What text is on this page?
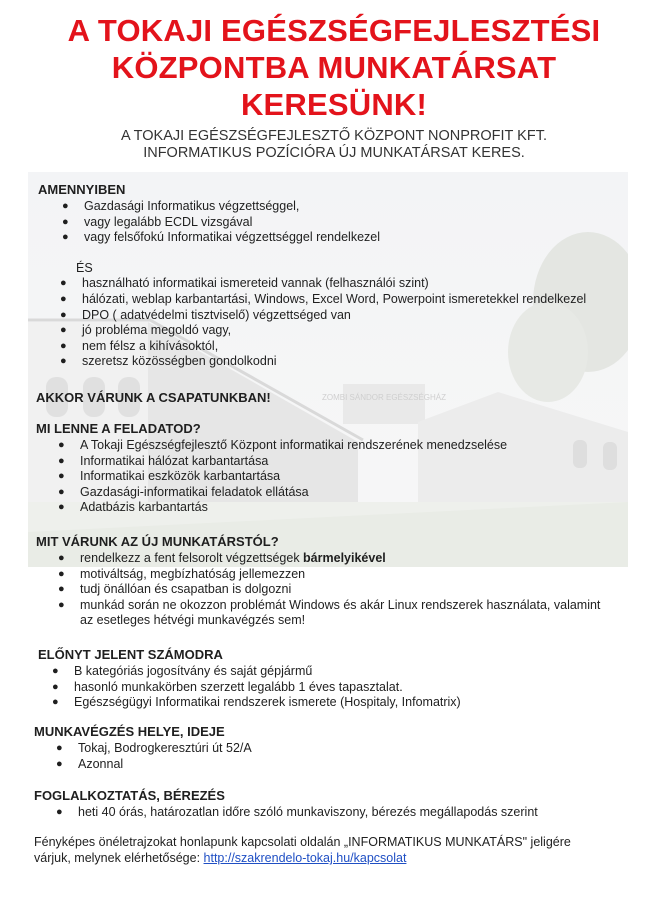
A TOKAJI EGÉSZSÉGFEJLESZTÉSI
KÖZPONTBA MUNKATÁRSAT
KERESÜNK!
A TOKAJI EGÉSZSÉGFEJLESZTŐ KÖZPONT NONPROFIT KFT.
INFORMATIKUS POZÍCIÓRA ÚJ MUNKATÁRSAT KERES.
ZOMBI SÁNDOR EGÉSZSÉGHÁZ
AMENNYIBEN
● Gazdasági Informatikus végzettséggel,
● vagy legalább ECDL vizsgával
● vagy felsőfokú Informatikai végzettséggel rendelkezel
ÉS
● használható informatikai ismereteid vannak (felhasználói szint)
● hálózati, weblap karbantartási, Windows, Excel Word, Powerpoint ismeretekkel rendelkezel
● DPO ( adatvédelmi tisztviselő) végzettséged van
● jó probléma megoldó vagy,
● nem félsz a kihívásoktól,
● szeretsz közösségben gondolkodni
AKKOR VÁRUNK A CSAPATUNKBAN!
MI LENNE A FELADATOD?
● A Tokaji Egészségfejlesztő Központ informatikai rendszerének menedzselése
● Informatikai hálózat karbantartása
● Informatikai eszközök karbantartása
● Gazdasági-informatikai feladatok ellátása
● Adatbázis karbantartás
MIT VÁRUNK AZ ÚJ MUNKATÁRSTÓL?
● rendelkezz a fent felsorolt végzettségek bármelyikével
● motiváltság, megbízhatóság jellemezzen
● tudj önállóan és csapatban is dolgozni
● munkád során ne okozzon problémát Windows és akár Linux rendszerek használata, valamint
az esetleges hétvégi munkavégzés sem!
ELŐNYT JELENT SZÁMODRA
● B kategóriás jogosítvány és saját gépjármű
● hasonló munkakörben szerzett legalább 1 éves tapasztalat.
● Egészségügyi Informatikai rendszerek ismerete (Hospitaly, Infomatrix)
MUNKAVÉGZÉS HELYE, IDEJE
● Tokaj, Bodrogkeresztúri út 52/A
● Azonnal
FOGLALKOZTATÁS, BÉREZÉS
● heti 40 órás, határozatlan időre szóló munkaviszony, bérezés megállapodás szerint
Fényképes önéletrajzokat honlapunk kapcsolati oldalán „INFORMATIKUS MUNKATÁRS" jeligére
várjuk, melynek elérhetősége: http://szakrendelo-tokaj.hu/kapcsolat
